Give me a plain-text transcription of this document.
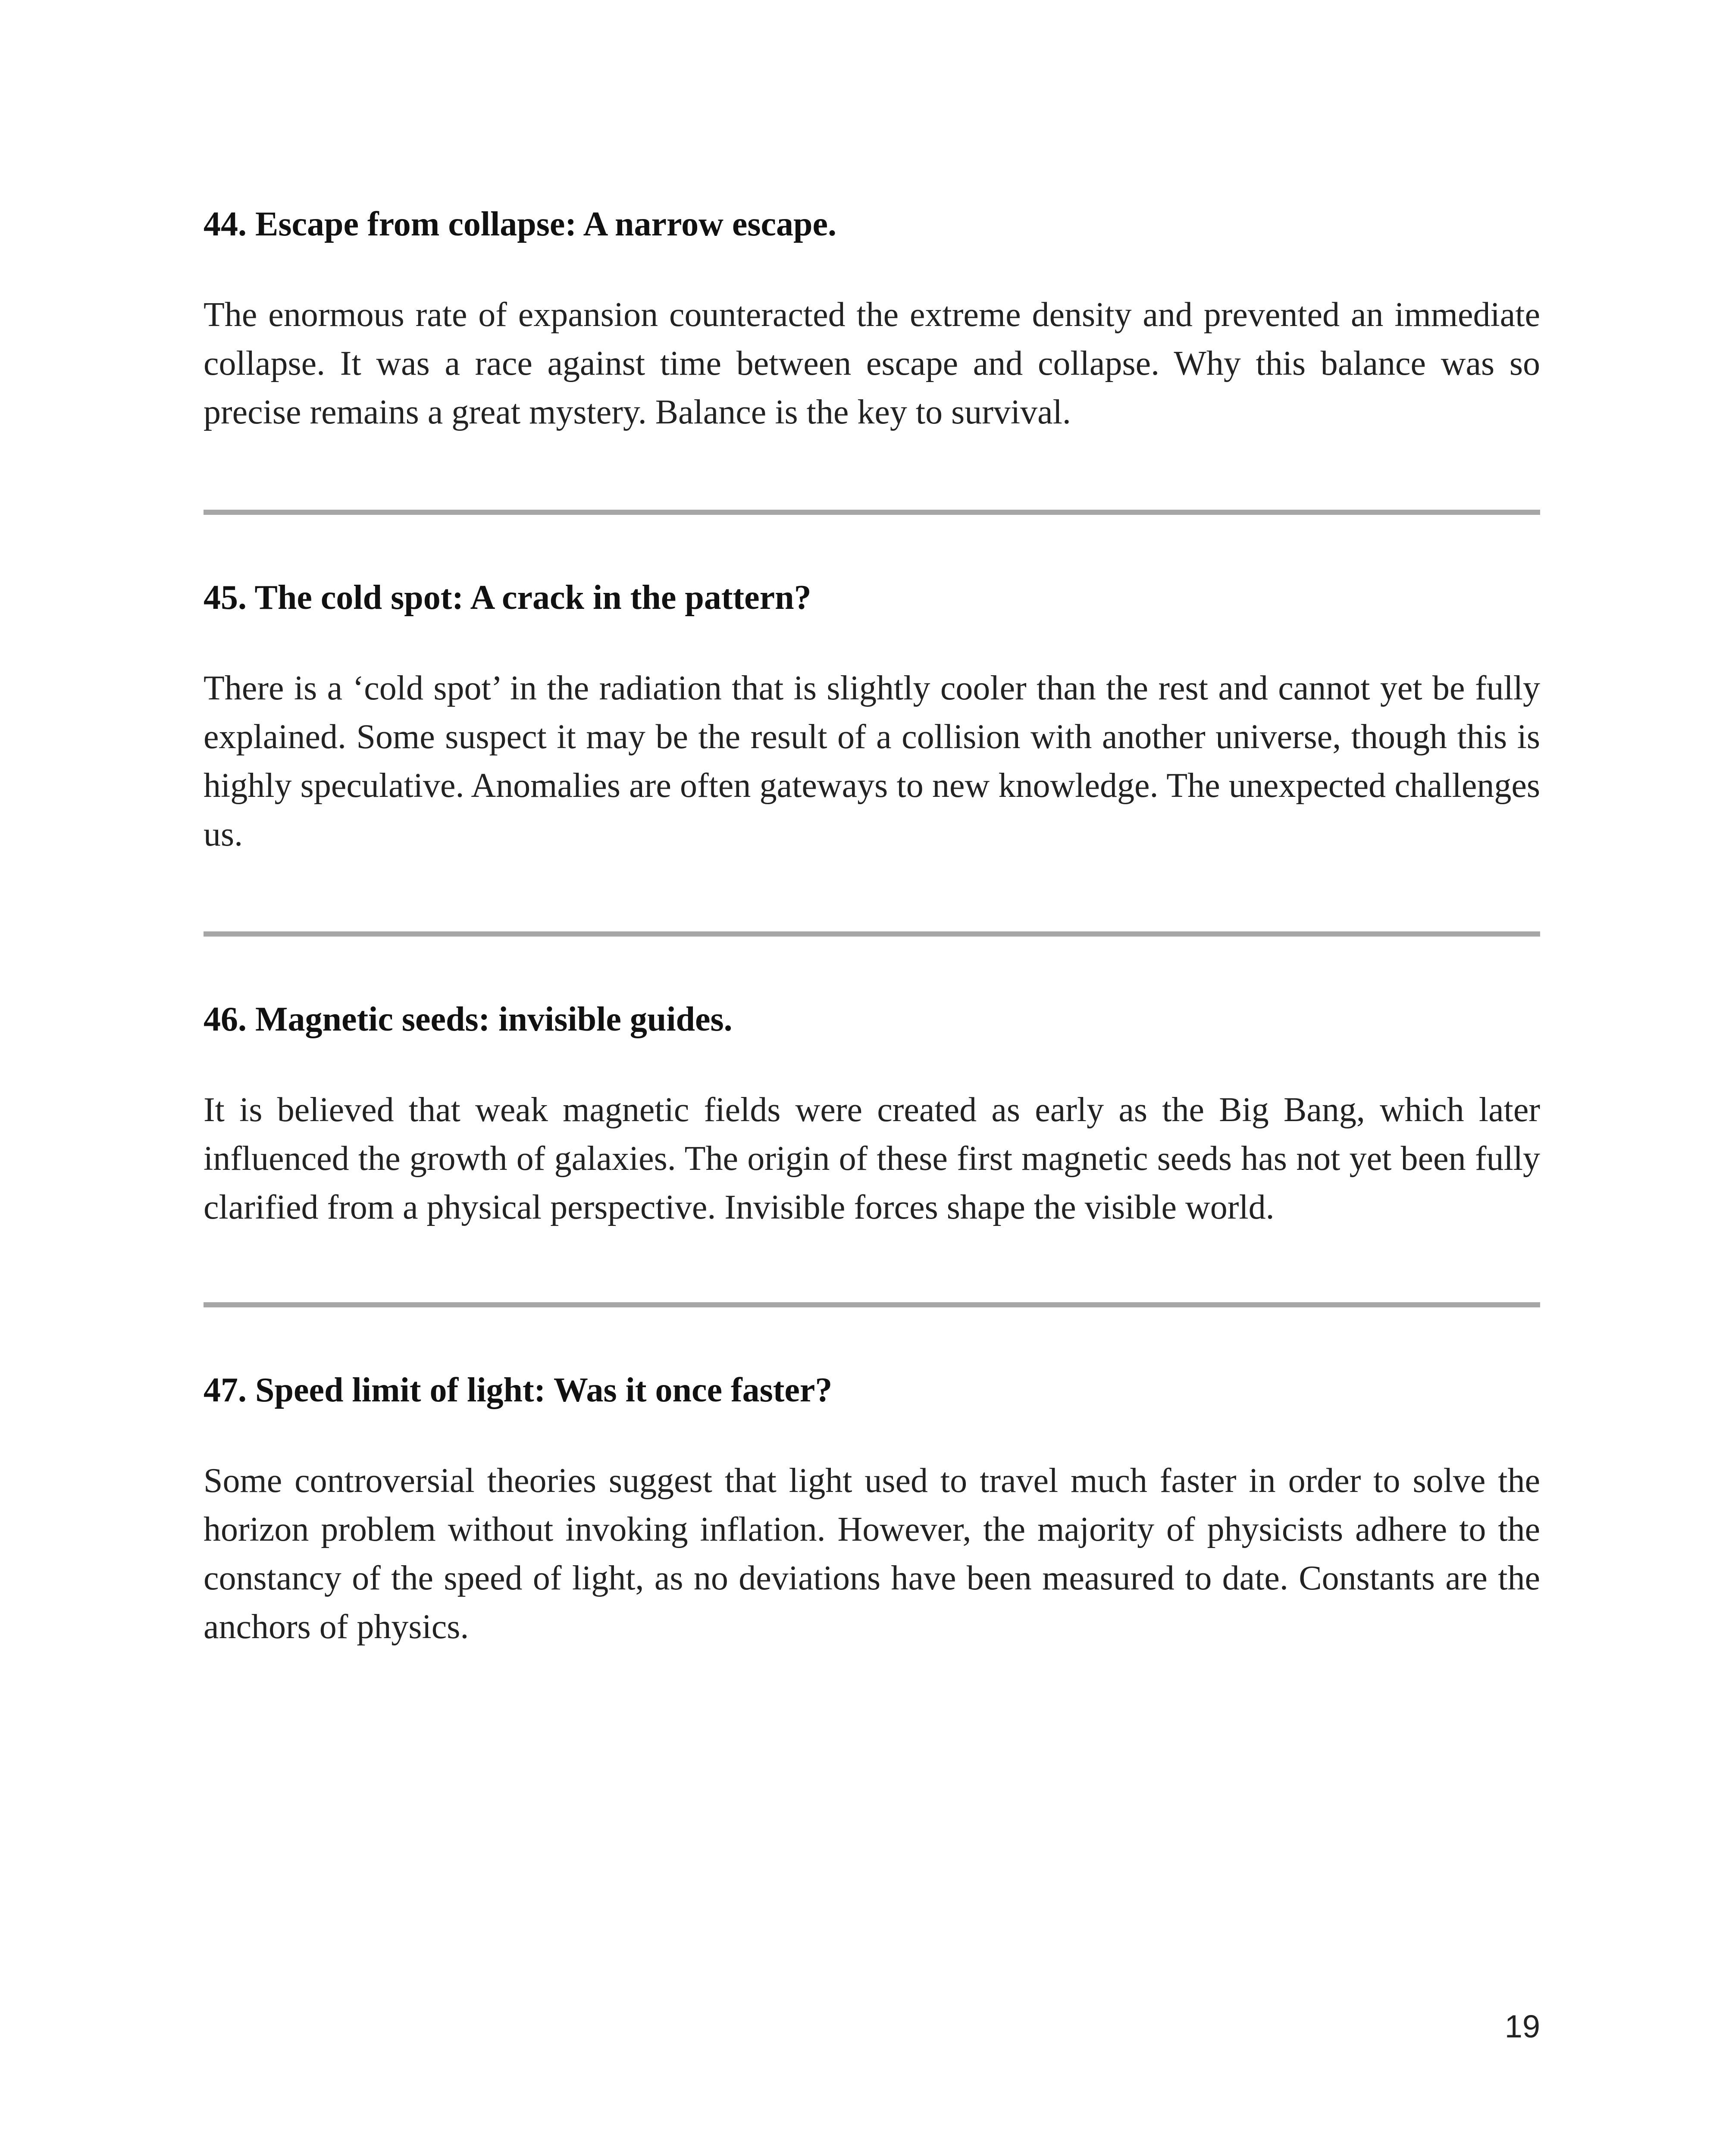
44. Escape from collapse: A narrow escape.

The enormous rate of expansion counteracted the extreme density and prevented an immediate collapse. It was a race against time between escape and collapse. Why this balance was so precise remains a great mystery. Balance is the key to survival.

45. The cold spot: A crack in the pattern?

There is a ‘cold spot’ in the radiation that is slightly cooler than the rest and cannot yet be fully explained. Some suspect it may be the result of a collision with another universe, though this is highly speculative. Anomalies are often gateways to new knowledge. The unexpected challenges us.

46. Magnetic seeds: invisible guides.

It is believed that weak magnetic fields were created as early as the Big Bang, which later influenced the growth of galaxies. The origin of these first magnetic seeds has not yet been fully clarified from a physical perspective. Invisible forces shape the visible world.

47. Speed limit of light: Was it once faster?

Some controversial theories suggest that light used to travel much faster in order to solve the horizon problem without invoking inflation. However, the majority of physicists adhere to the constancy of the speed of light, as no deviations have been measured to date. Constants are the anchors of physics.

19
